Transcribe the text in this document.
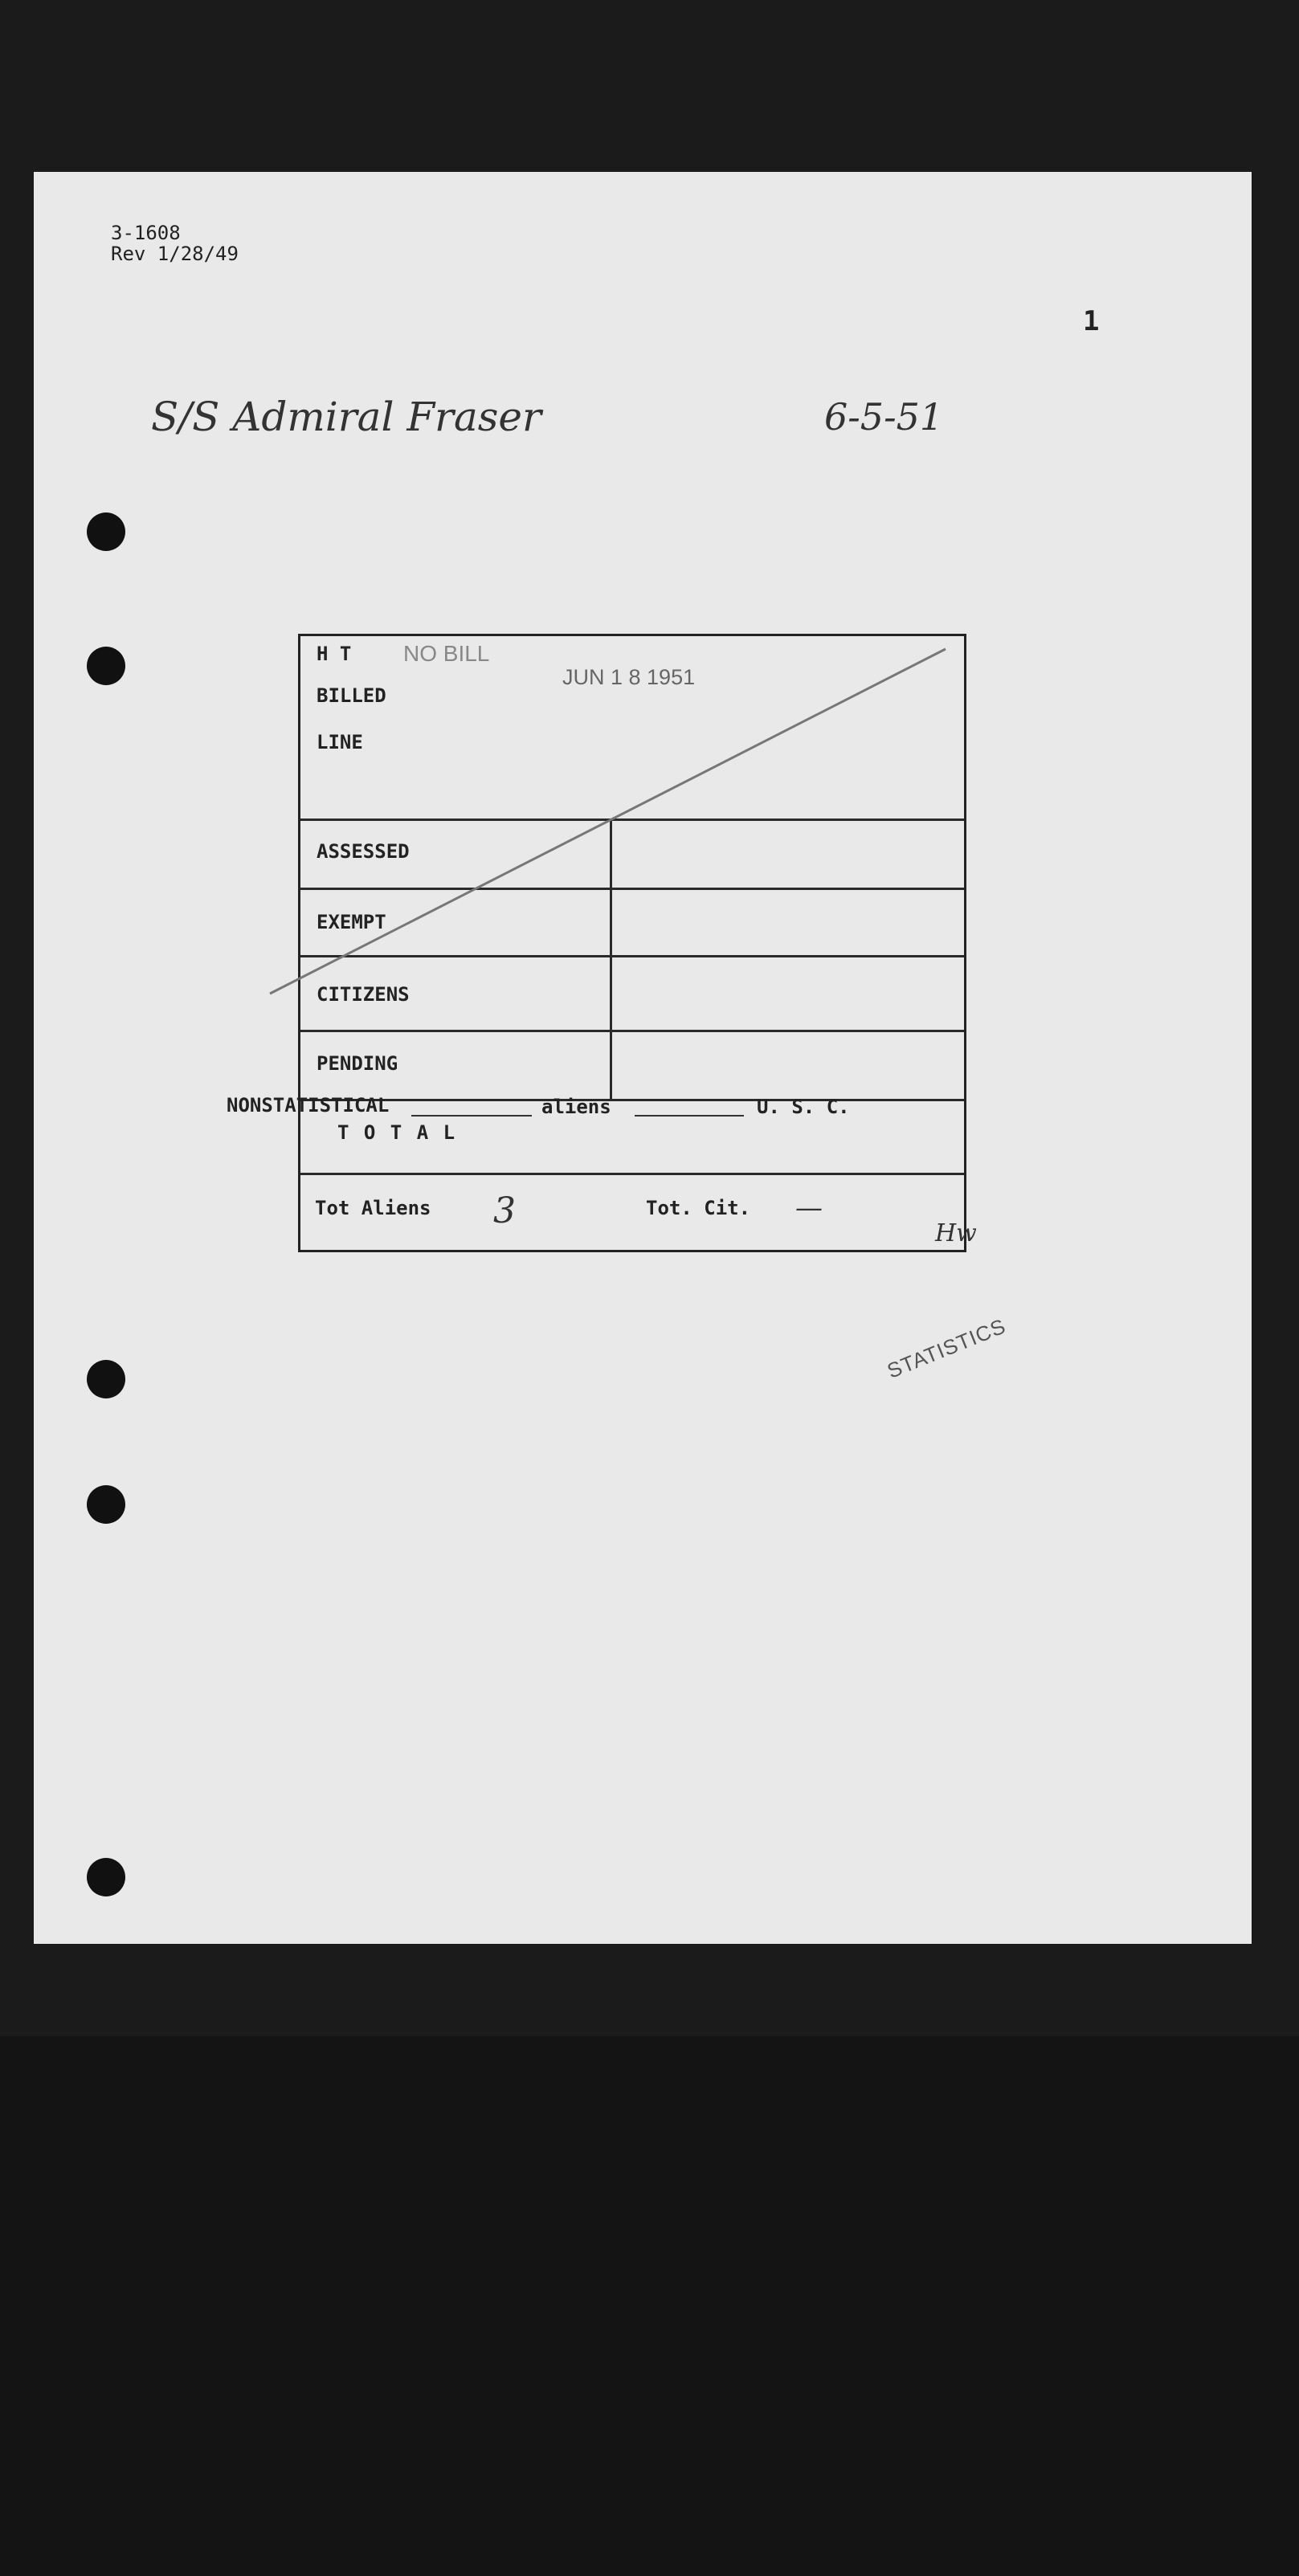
3-1608
Rev 1/28/49
1
S/S Admiral Fraser	6-5-51
H T
BILLED
LINE
ASSESSED
EXEMPT
CITIZENS
PENDING
T O T A L
Tot Aliens 3	Tot. Cit. —
NO BILL
JUN 1 8 1951
Hw
NONSTATISTICAL	aliens	U. S. C.
STATISTICS
